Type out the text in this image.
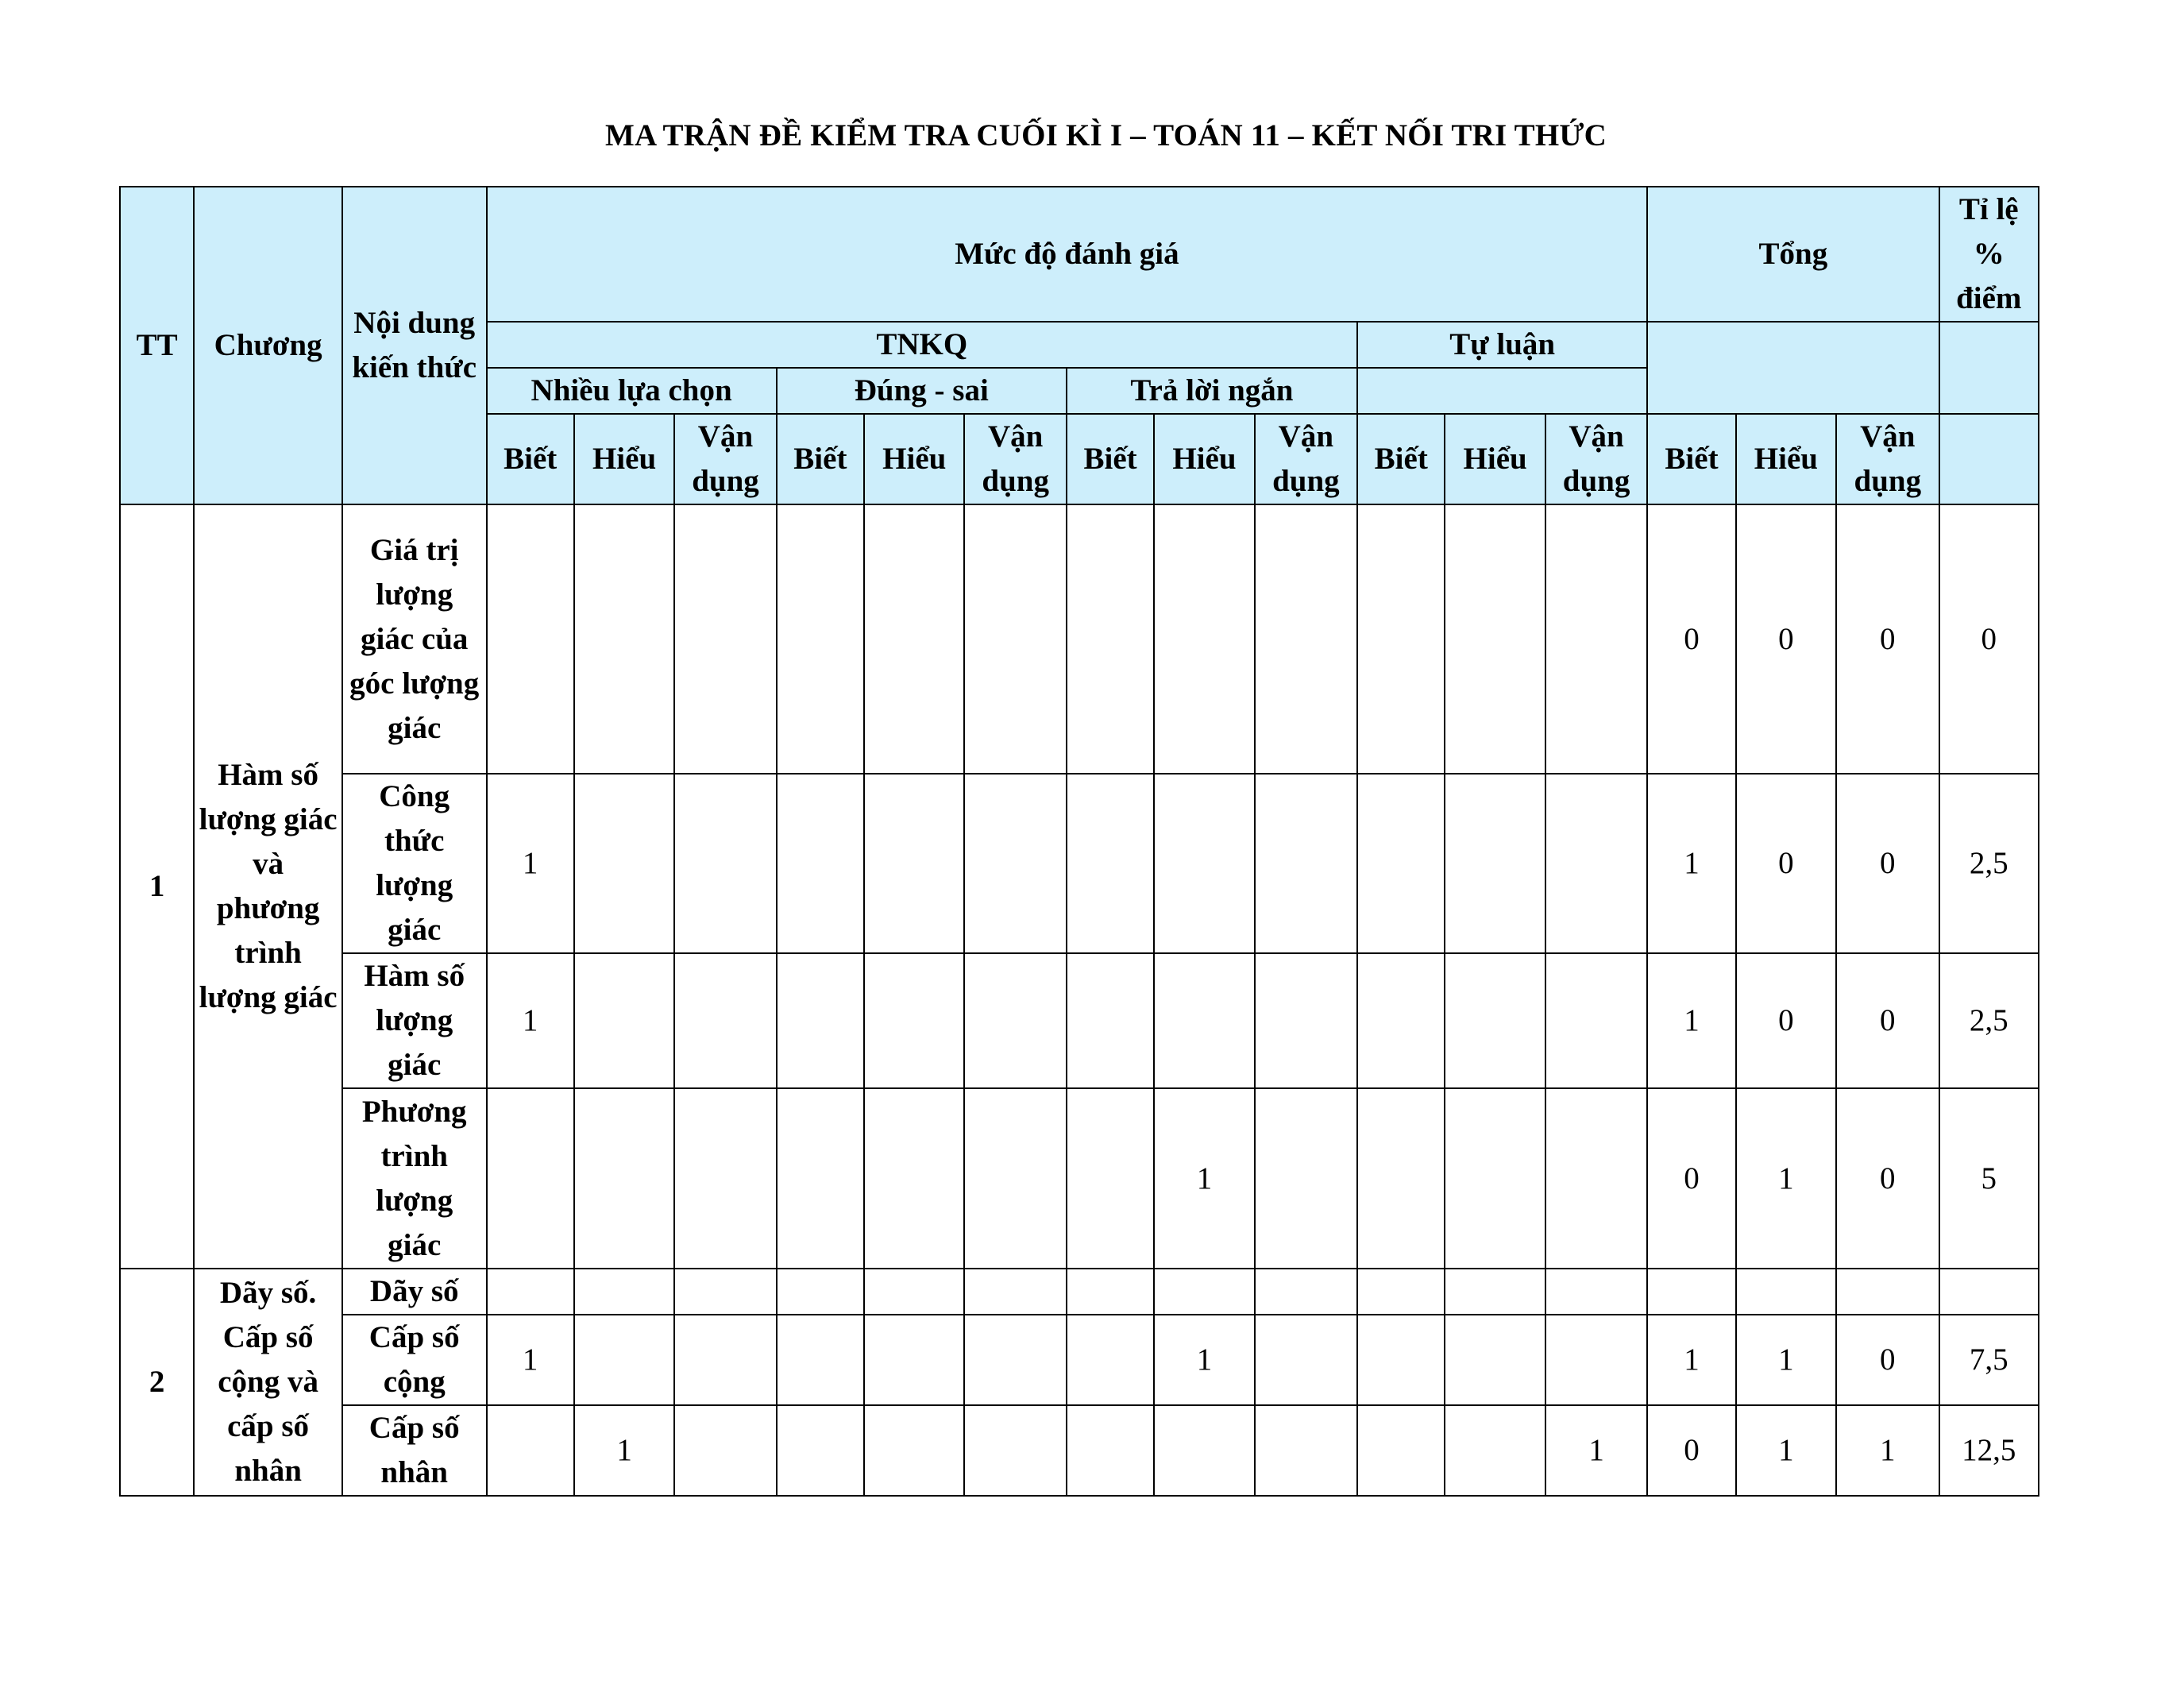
MA TRẬN ĐỀ KIỂM TRA CUỐI KÌ I – TOÁN 11 – KẾT NỐI TRI THỨC
TT	Chương	Nội dung kiến thức	Mức độ đánh giá												Tổng			Tỉ lệ % điểm
			TNKQ									Tự luận						
			Nhiều lựa chọn			Đúng - sai			Trả lời ngắn									
			Biết	Hiểu	Vận dụng	Biết	Hiểu	Vận dụng	Biết	Hiểu	Vận dụng	Biết	Hiểu	Vận dụng	Biết	Hiểu	Vận dụng	
1	Hàm số lượng giác và phương trình lượng giác	Giá trị lượng giác của góc lượng giác													0	0	0	0
		Công thức lượng giác	1												1	0	0	2,5
		Hàm số lượng giác	1												1	0	0	2,5
		Phương trình lượng giác								1					0	1	0	5
2	Dãy số. Cấp số cộng và cấp số nhân	Dãy số																
		Cấp số cộng	1							1					1	1	0	7,5
		Cấp số nhân		1										1	0	1	1	12,5
